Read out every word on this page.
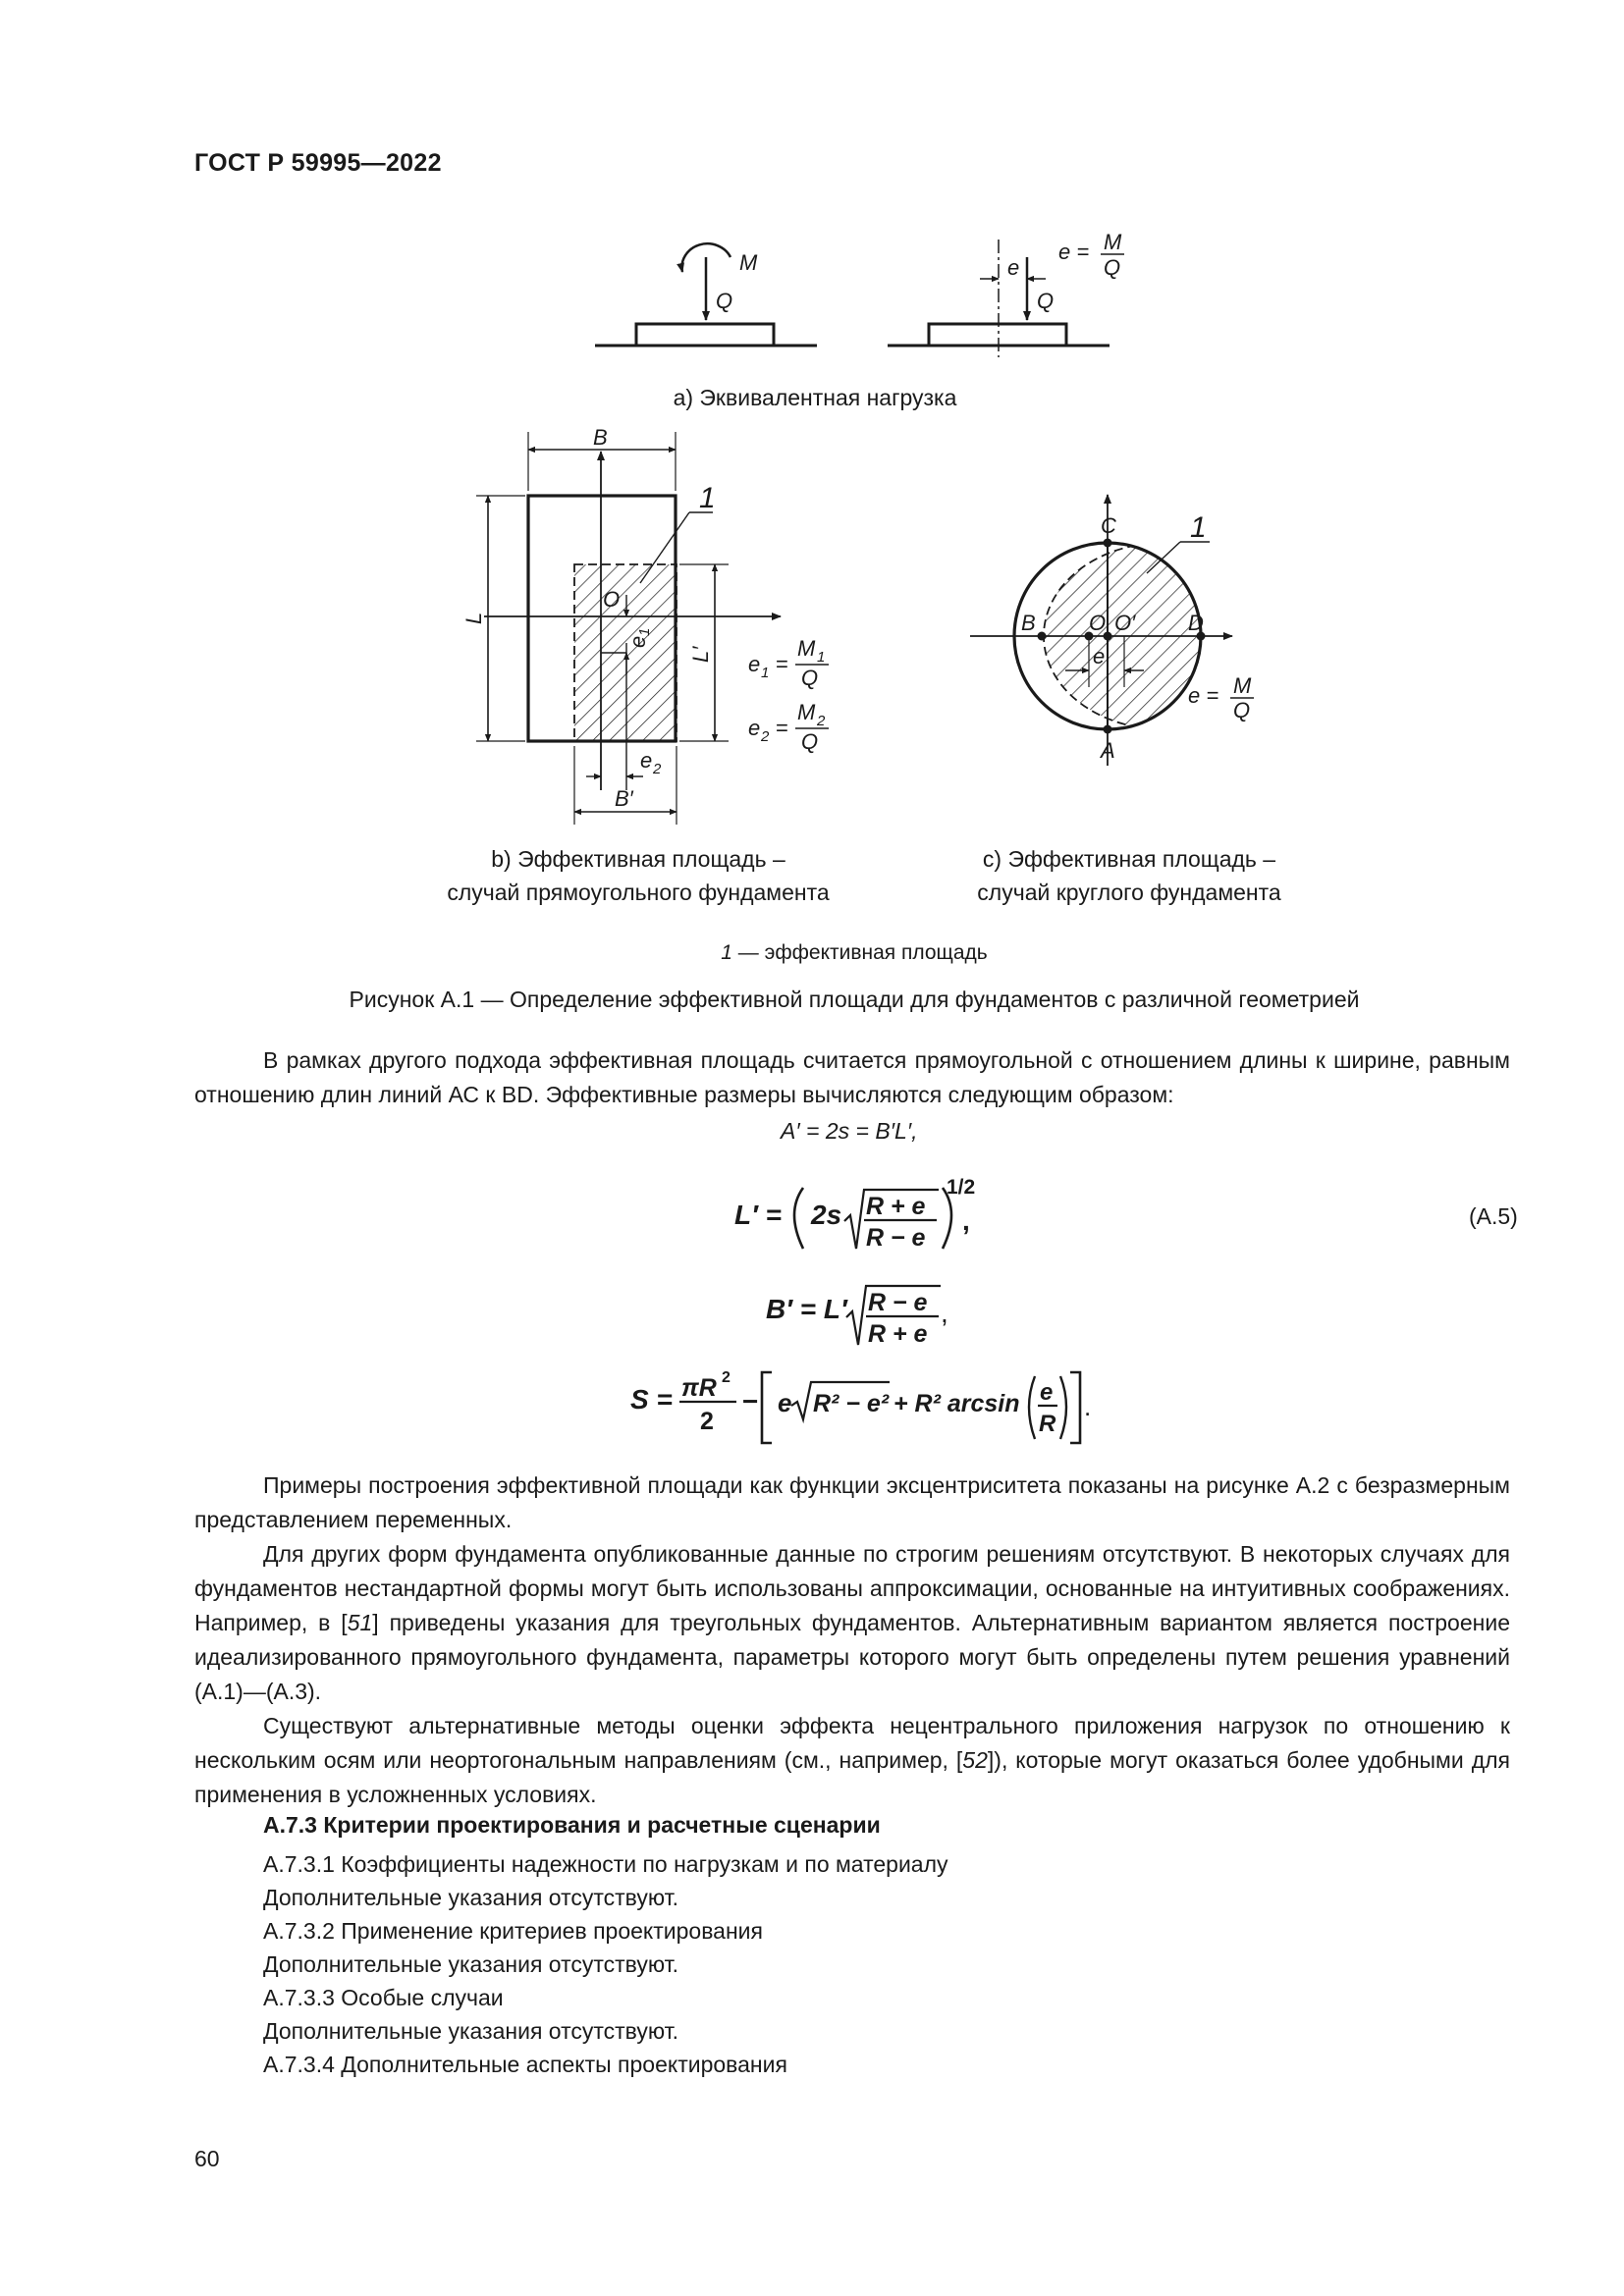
ГОСТ Р 59995—2022
M
Q
e
Q
e = M
Q
B
L
L′
B′
e 2
e
1
O
1
e 1 =
M 1
Q
e 2 =
M 2
Q
C
A
B O O′ D
e
1
e = M
Q
a) Эквивалентная нагрузка
b) Эффективная площадь –
случай прямоугольного фундамента
c) Эффективная площадь –
случай круглого фундамента
1 — эффективная площадь
Рисунок А.1 — Определение эффективной площади для фундаментов с различной геометрией

В рамках другого подхода эффективная площадь считается прямоугольной с отношением длины к ширине, равным отношению длин линий АС к BD. Эффективные размеры вычисляются следующим образом:

A′ = 2s = B′L′,
L′ = 2s R + e
R − e
1/2
,	(А.5)
B′ = L′ R − e
R + e
,
S = πR 2
2
− e R² − e² + R² arcsin e
R
.

Примеры построения эффективной площади как функции эксцентриситета показаны на рисунке А.2 с безразмерным представлением переменных.

Для других форм фундамента опубликованные данные по строгим решениям отсутствуют. В некоторых случаях для фундаментов нестандартной формы могут быть использованы аппроксимации, основанные на интуитивных соображениях. Например, в [51] приведены указания для треугольных фундаментов. Альтернативным вариантом является построение идеализированного прямоугольного фундамента, параметры которого могут быть определены путем решения уравнений (А.1)—(А.3).

Существуют альтернативные методы оценки эффекта нецентрального приложения нагрузок по отношению к нескольким осям или неортогональным направлениям (см., например, [52]), которые могут оказаться более удобными для применения в усложненных условиях.

А.7.3 Критерии проектирования и расчетные сценарии
А.7.3.1 Коэффициенты надежности по нагрузкам и по материалу
Дополнительные указания отсутствуют.
А.7.3.2 Применение критериев проектирования
Дополнительные указания отсутствуют.
А.7.3.3 Особые случаи
Дополнительные указания отсутствуют.
А.7.3.4 Дополнительные аспекты проектирования
60
